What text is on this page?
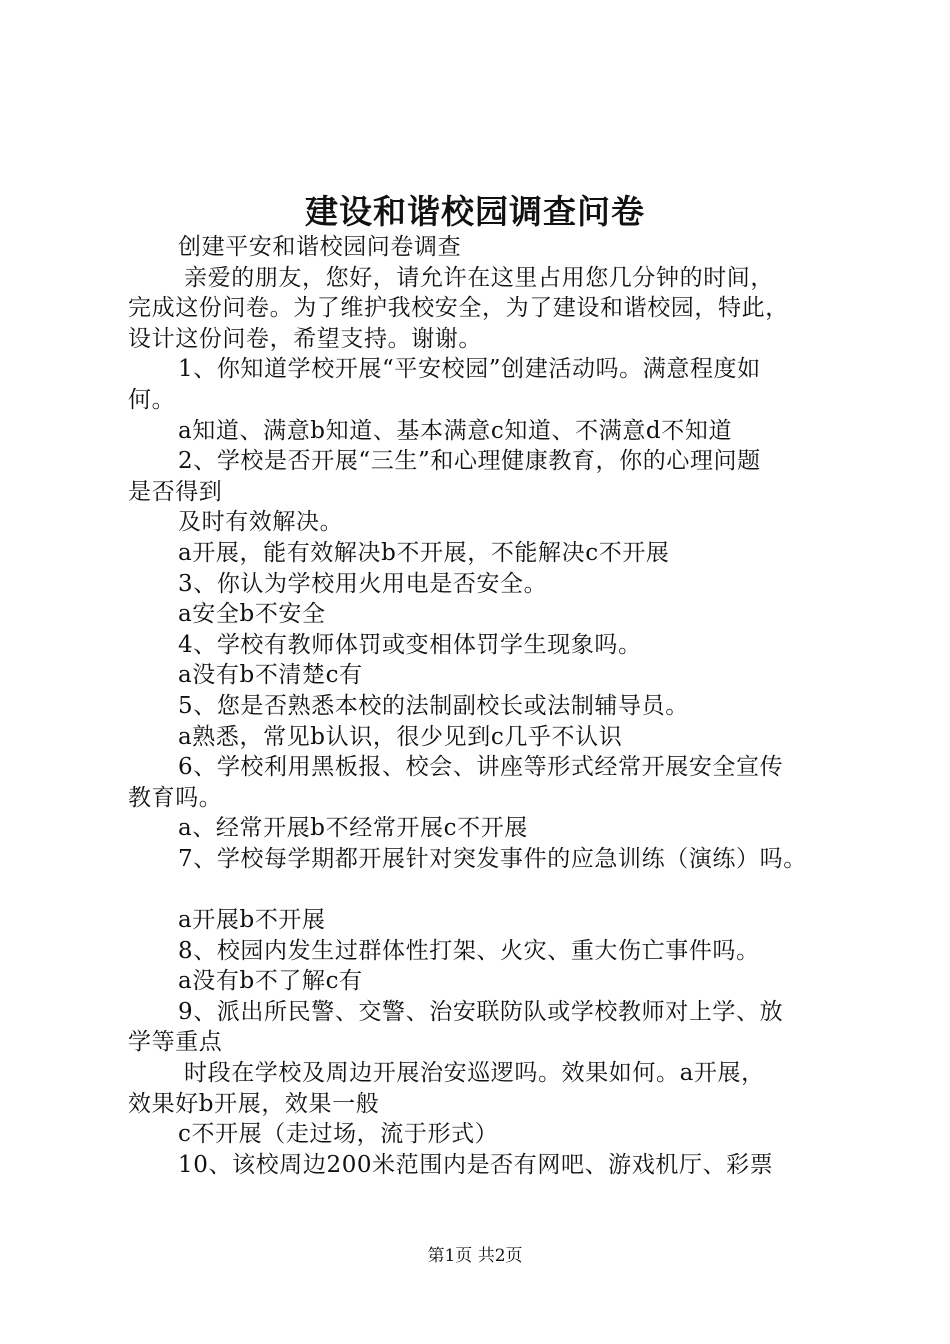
建设和谐校园调查问卷
创建平安和谐校园问卷调查
亲爱的朋友，您好，请允许在这里占用您几分钟的时间，
完成这份问卷。为了维护我校安全，为了建设和谐校园，特此，
设计这份问卷，希望支持。谢谢。
1、你知道学校开展“平安校园”创建活动吗。满意程度如
何。
a知道、满意b知道、基本满意c知道、不满意d不知道
2、学校是否开展“三生”和心理健康教育，你的心理问题
是否得到
及时有效解决。
a开展，能有效解决b不开展，不能解决c不开展
3、你认为学校用火用电是否安全。
a安全b不安全
4、学校有教师体罚或变相体罚学生现象吗。
a没有b不清楚c有
5、您是否熟悉本校的法制副校长或法制辅导员。
a熟悉，常见b认识，很少见到c几乎不认识
6、学校利用黑板报、校会、讲座等形式经常开展安全宣传
教育吗。
a、经常开展b不经常开展c不开展
7、学校每学期都开展针对突发事件的应急训练（演练）吗。
a开展b不开展
8、校园内发生过群体性打架、火灾、重大伤亡事件吗。
a没有b不了解c有
9、派出所民警、交警、治安联防队或学校教师对上学、放
学等重点
时段在学校及周边开展治安巡逻吗。效果如何。a开展，
效果好b开展，效果一般
c不开展（走过场，流于形式）
10、该校周边200米范围内是否有网吧、游戏机厅、彩票
第1页 共2页
